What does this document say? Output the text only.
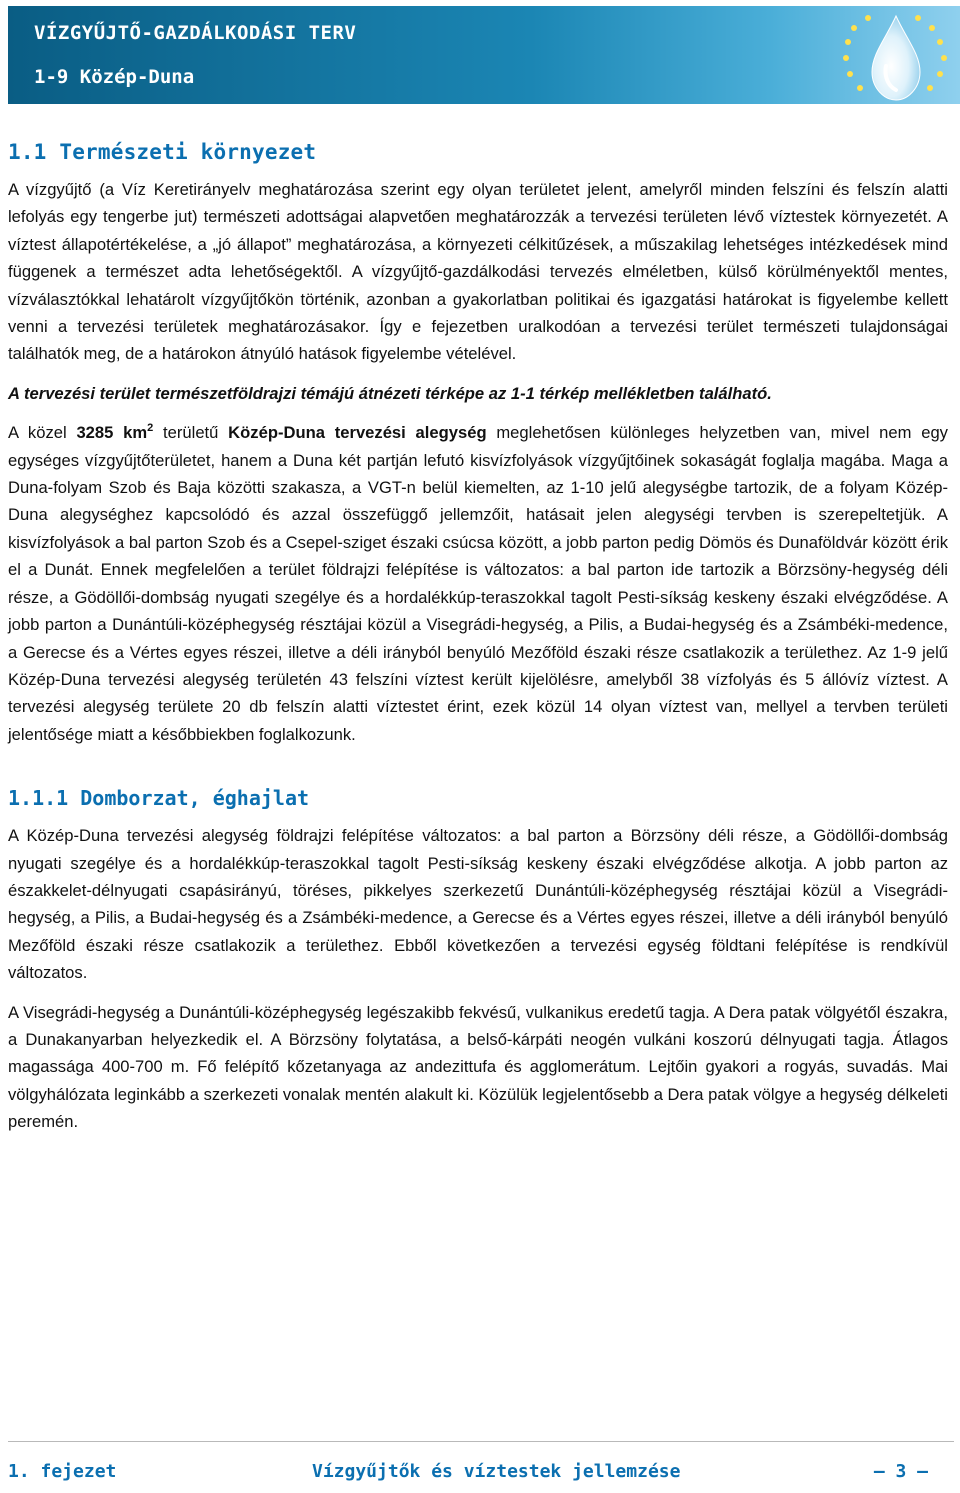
VÍZGYŰJTŐ-GAZDÁLKODÁSI TERV
1-9 Közép-Duna
1.1 Természeti környezet

A vízgyűjtő (a Víz Keretirányelv meghatározása szerint egy olyan területet jelent, amelyről minden felszíni és felszín alatti lefolyás egy tengerbe jut) természeti adottságai alapvetően meghatározzák a tervezési területen lévő víztestek környezetét. A víztest állapotértékelése, a „jó állapot” meghatározása, a környezeti célkitűzések, a műszakilag lehetséges intézkedések mind függenek a természet adta lehetőségektől. A vízgyűjtő-gazdálkodási tervezés elméletben, külső körülményektől mentes, vízválasztókkal lehatárolt vízgyűjtőkön történik, azonban a gyakorlatban politikai és igazgatási határokat is figyelembe kellett venni a tervezési területek meghatározásakor. Így e fejezetben uralkodóan a tervezési terület természeti tulajdonságai találhatók meg, de a határokon átnyúló hatások figyelembe vételével.

A tervezési terület természetföldrajzi témájú átnézeti térképe az 1-1 térkép mellékletben található.

A közel 3285 $km^2$ területű Közép-Duna tervezési alegység meglehetősen különleges helyzetben van, mivel nem egy egységes vízgyűjtőterületet, hanem a Duna két partján lefutó kisvízfolyások vízgyűjtőinek sokaságát foglalja magába. Maga a Duna-folyam Szob és Baja közötti szakasza, a VGT-n belül kiemelten, az 1-10 jelű alegységbe tartozik, de a folyam Közép-Duna alegységhez kapcsolódó és azzal összefüggő jellemzőit, hatásait jelen alegységi tervben is szerepeltetjük. A kisvízfolyások a bal parton Szob és a Csepel-sziget északi csúcsa között, a jobb parton pedig Dömös és Dunaföldvár között érik el a Dunát. Ennek megfelelően a terület földrajzi felépítése is változatos: a bal parton ide tartozik a Börzsöny-hegység déli része, a Gödöllői-dombság nyugati szegélye és a hordalékkúp-teraszokkal tagolt Pesti-síkság keskeny északi elvégződése. A jobb parton a Dunántúli-középhegység résztájai közül a Visegrádi-hegység, a Pilis, a Budai-hegység és a Zsámbéki-medence, a Gerecse és a Vértes egyes részei, illetve a déli irányból benyúló Mezőföld északi része csatlakozik a területhez. Az 1-9 jelű Közép-Duna tervezési alegység területén 43 felszíni víztest került kijelölésre, amelyből 38 vízfolyás és 5 állóvíz víztest. A tervezési alegység területe 20 db felszín alatti víztestet érint, ezek közül 14 olyan víztest van, mellyel a tervben területi jelentősége miatt a későbbiekben foglalkozunk.

1.1.1 Domborzat, éghajlat

A Közép-Duna tervezési alegység földrajzi felépítése változatos: a bal parton a Börzsöny déli része, a Gödöllői-dombság nyugati szegélye és a hordalékkúp-teraszokkal tagolt Pesti-síkság keskeny északi elvégződése alkotja. A jobb parton az északkelet-délnyugati csapásirányú, töréses, pikkelyes szerkezetű Dunántúli-középhegység résztájai közül a Visegrádi-hegység, a Pilis, a Budai-hegység és a Zsámbéki-medence, a Gerecse és a Vértes egyes részei, illetve a déli irányból benyúló Mezőföld északi része csatlakozik a területhez. Ebből következően a tervezési egység földtani felépítése is rendkívül változatos.

A Visegrádi-hegység a Dunántúli-középhegység legészakibb fekvésű, vulkanikus eredetű tagja. A Dera patak völgyétől északra, a Dunakanyarban helyezkedik el. A Börzsöny folytatása, a belső-kárpáti neogén vulkáni koszorú délnyugati tagja. Átlagos magassága 400-700 m. Fő felépítő kőzetanyaga az andezittufa és agglomerátum. Lejtőin gyakori a rogyás, suvadás. Mai völgyhálózata leginkább a szerkezeti vonalak mentén alakult ki. Közülük legjelentősebb a Dera patak völgye a hegység délkeleti peremén.

1. fejezet	Vízgyűjtők és víztestek jellemzése	— 3 —
